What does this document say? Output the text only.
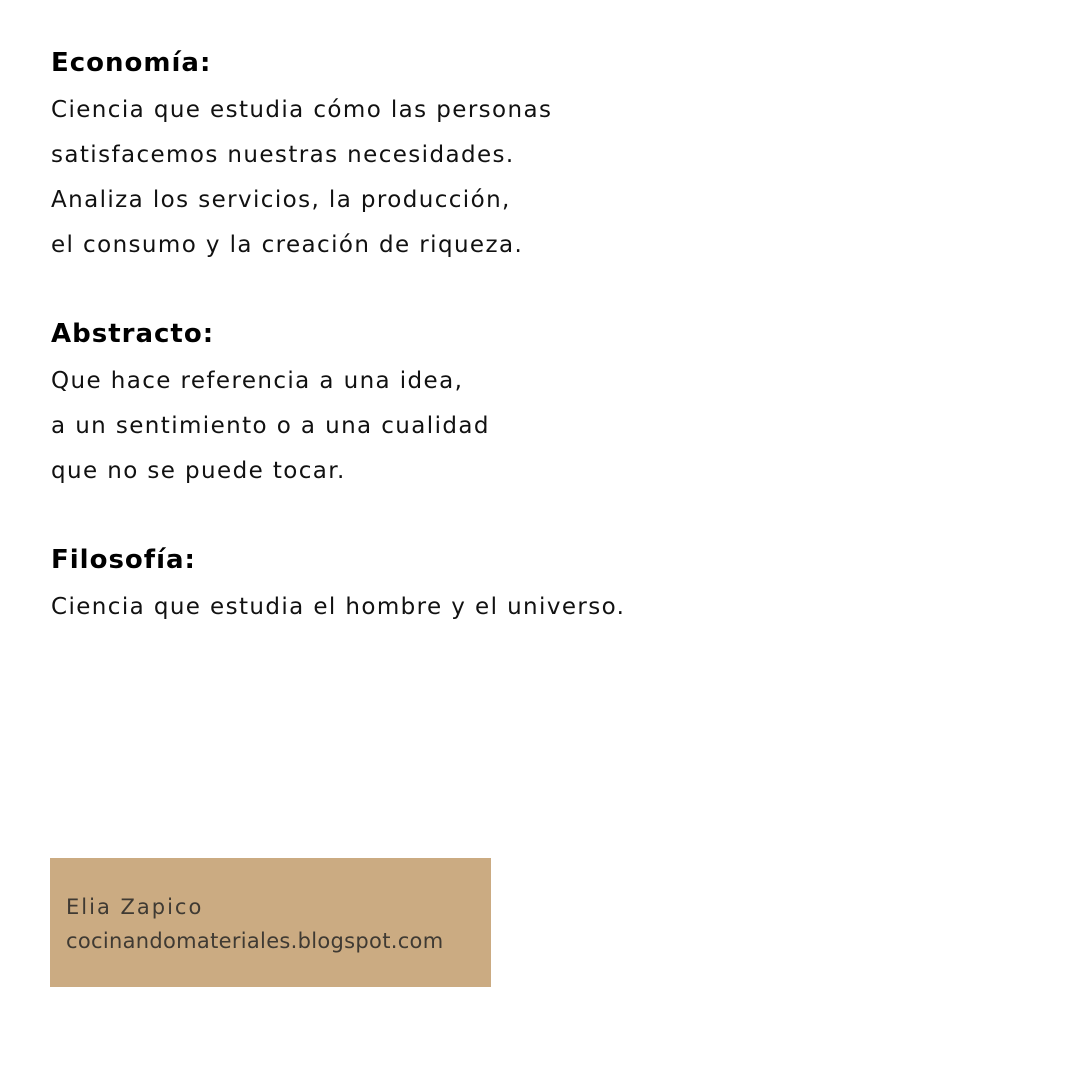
Economía:
Ciencia que estudia cómo las personas
satisfacemos nuestras necesidades.
Analiza los servicios, la producción,
el consumo y la creación de riqueza.
Abstracto:
Que hace referencia a una idea,
a un sentimiento o a una cualidad
que no se puede tocar.
Filosofía:
Ciencia que estudia el hombre y el universo.
Elia Zapico
cocinandomateriales.blogspot.com
